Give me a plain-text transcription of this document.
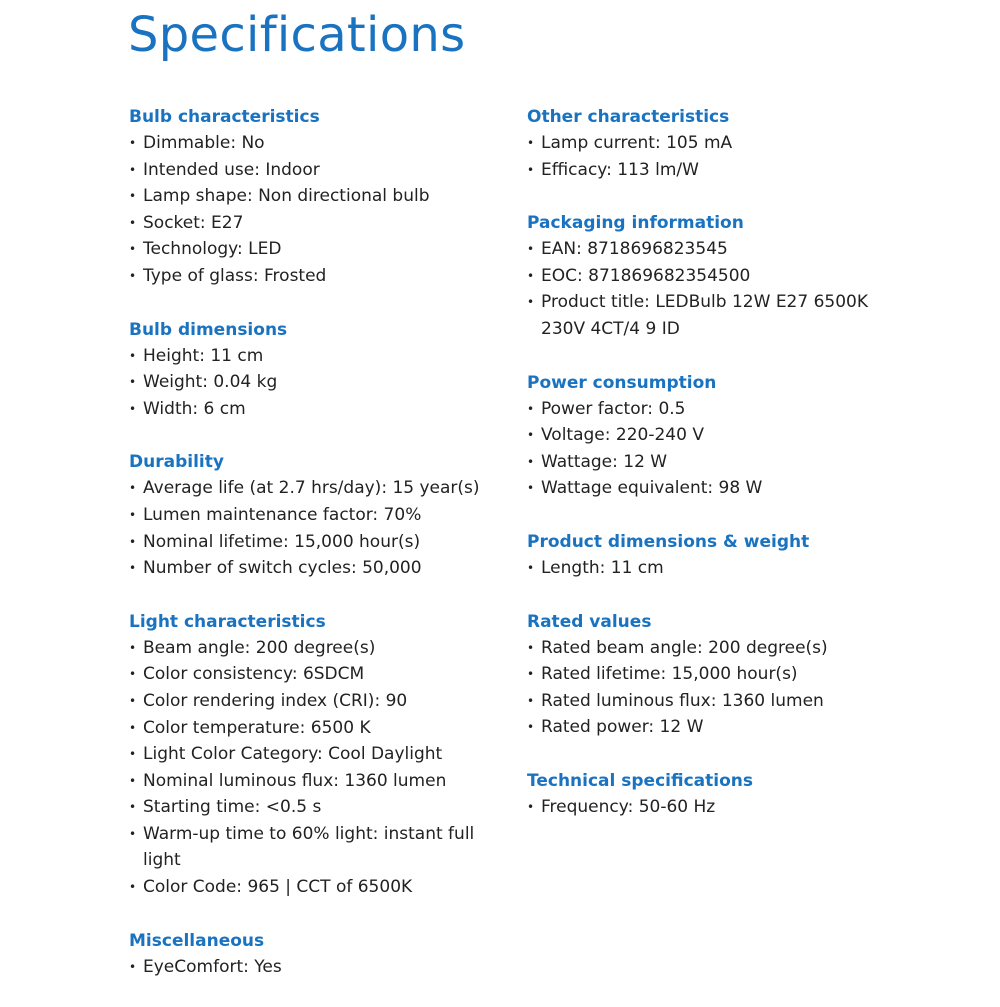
Specifications
Bulb characteristics
• Dimmable: No
• Intended use: Indoor
• Lamp shape: Non directional bulb
• Socket: E27
• Technology: LED
• Type of glass: Frosted
Bulb dimensions
• Height: 11 cm
• Weight: 0.04 kg
• Width: 6 cm
Durability
• Average life (at 2.7 hrs/day): 15 year(s)
• Lumen maintenance factor: 70%
• Nominal lifetime: 15,000 hour(s)
• Number of switch cycles: 50,000
Light characteristics
• Beam angle: 200 degree(s)
• Color consistency: 6SDCM
• Color rendering index (CRI): 90
• Color temperature: 6500 K
• Light Color Category: Cool Daylight
• Nominal luminous flux: 1360 lumen
• Starting time: <0.5 s
• Warm-up time to 60% light: instant full light
• Color Code: 965 | CCT of 6500K
Miscellaneous
• EyeComfort: Yes
Other characteristics
• Lamp current: 105 mA
• Efficacy: 113 lm/W
Packaging information
• EAN: 8718696823545
• EOC: 871869682354500
• Product title: LEDBulb 12W E27 6500K 230V 4CT/4 9 ID
Power consumption
• Power factor: 0.5
• Voltage: 220-240 V
• Wattage: 12 W
• Wattage equivalent: 98 W
Product dimensions & weight
• Length: 11 cm
Rated values
• Rated beam angle: 200 degree(s)
• Rated lifetime: 15,000 hour(s)
• Rated luminous flux: 1360 lumen
• Rated power: 12 W
Technical specifications
• Frequency: 50-60 Hz
